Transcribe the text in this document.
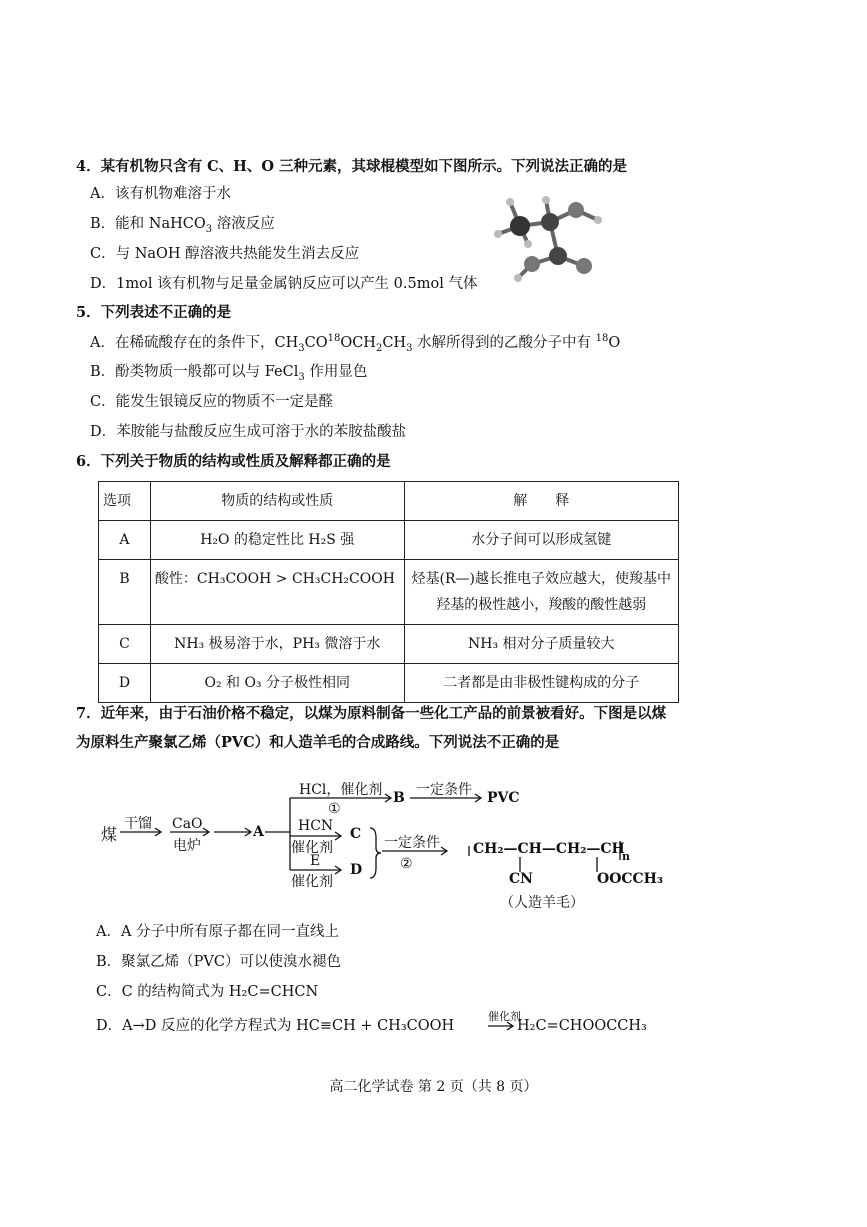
4．某有机物只含有 C、H、O 三种元素，其球棍模型如下图所示。下列说法正确的是
A．该有机物难溶于水
B．能和 NaHCO$_3$ 溶液反应
C．与 NaOH 醇溶液共热能发生消去反应
D．1mol 该有机物与足量金属钠反应可以产生 0.5mol 气体
5．下列表述不正确的是
A．在稀硫酸存在的条件下，$CH_3CO^{18}OCH_2CH_3$ 水解所得到的乙酸分子中有 $^{18}$O
B．酚类物质一般都可以与 FeCl$_3$ 作用显色
C．能发生银镜反应的物质不一定是醛
D．苯胺能与盐酸反应生成可溶于水的苯胺盐酸盐
6．下列关于物质的结构或性质及解释都正确的是
选项	物质的结构或性质	解　　释
A	H₂O 的稳定性比 H₂S 强	水分子间可以形成氢键
B	酸性：CH₃COOH > CH₃CH₂COOH	烃基(R—)越长推电子效应越大，使羧基中羟基的极性越小，羧酸的酸性越弱
C	NH₃ 极易溶于水，PH₃ 微溶于水	NH₃ 相对分子质量较大
D	O₂ 和 O₃ 分子极性相同	二者都是由非极性键构成的分子
7．近年来，由于石油价格不稳定，以煤为原料制备一些化工产品的前景被看好。下图是以煤
为原料生产聚氯乙烯（PVC）和人造羊毛的合成路线。下列说法不正确的是
煤
干馏 CaO
电炉
A
HCl，催化剂
①
B 一定条件 PVC
HCN
催化剂
C
E
催化剂
D
一定条件
②
CH₂—CH—CH₂—CH
n
CN	OOCCH₃
（人造羊毛）
A．A 分子中所有原子都在同一直线上
B．聚氯乙烯（PVC）可以使溴水褪色
C．C 的结构简式为 H₂C=CHCN
D．A→D 反应的化学方程式为 HC≡CH + CH₃COOH
催化剂
H₂C=CHOOCCH₃
高二化学试卷 第 2 页（共 8 页）
